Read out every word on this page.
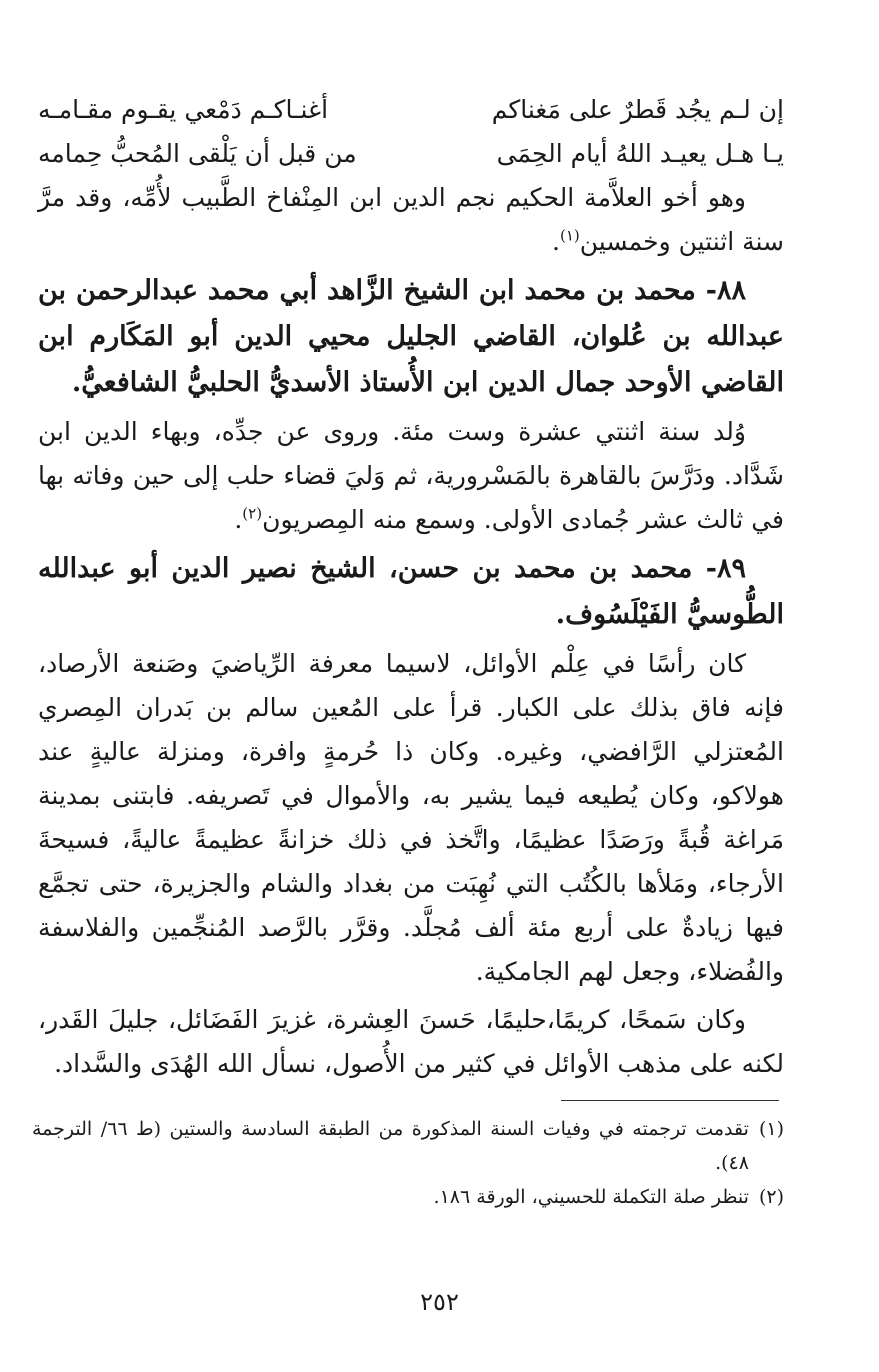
إن لـم يجُد قَطرٌ على مَغناكم
أغنـاكـم دَمْعي يقـوم مقـامـه
يـا هـل يعيـد اللهُ أيام الحِمَى
من قبل أن يَلْقى المُحبُّ حِمامه

وهو أخو العلاَّمة الحكيم نجم الدين ابن المِنْفاخ الطَّبيب لأُمِّه، وقد مرَّ سنة اثنتين وخمسين$^{(١)}$.

٨٨- محمد بن محمد ابن الشيخ الزَّاهد أبي محمد عبدالرحمن بن عبدالله بن عُلوان، القاضي الجليل محيي الدين أبو المَكَارم ابن القاضي الأوحد جمال الدين ابن الأُستاذ الأسديُّ الحلبيُّ الشافعيُّ.

وُلد سنة اثنتي عشرة وست مئة. وروى عن جدِّه، وبهاء الدين ابن شَدَّاد. ودَرَّسَ بالقاهرة بالمَسْرورية، ثم وَليَ قضاء حلب إلى حين وفاته بها في ثالث عشر جُمادى الأولى. وسمع منه المِصريون$^{(٢)}$.

٨٩- محمد بن محمد بن حسن، الشيخ نصير الدين أبو عبدالله الطُّوسيُّ الفَيْلَسُوف.

كان رأسًا في عِلْم الأوائل، لاسيما معرفة الرِّياضيَ وصَنعة الأرصاد، فإنه فاق بذلك على الكبار. قرأ على المُعين سالم بن بَدران المِصري المُعتزلي الرَّافضي، وغيره. وكان ذا حُرمةٍ وافرة، ومنزلة عاليةٍ عند هولاكو، وكان يُطيعه فيما يشير به، والأموال في تَصريفه. فابتنى بمدينة مَراغة قُبةً ورَصَدًا عظيمًا، واتَّخذ في ذلك خزانةً عظيمةً عاليةً، فسيحةَ الأرجاء، ومَلأها بالكُتُب التي نُهِبَت من بغداد والشام والجزيرة، حتى تجمَّع فيها زيادةٌ على أربع مئة ألف مُجلَّد. وقرَّر بالرَّصد المُنجِّمين والفلاسفة والفُضلاء، وجعل لهم الجامكية.

وكان سَمحًا، كريمًا،حليمًا، حَسنَ العِشرة، غزيرَ الفَضَائل، جليلَ القَدر، لكنه على مذهب الأوائل في كثير من الأُصول، نسأل الله الهُدَى والسَّداد.

(١)
تقدمت ترجمته في وفيات السنة المذكورة من الطبقة السادسة والستين (ط ٦٦/ الترجمة ٤٨).
(٢)
تنظر صلة التكملة للحسيني، الورقة ١٨٦.
٢٥٢
